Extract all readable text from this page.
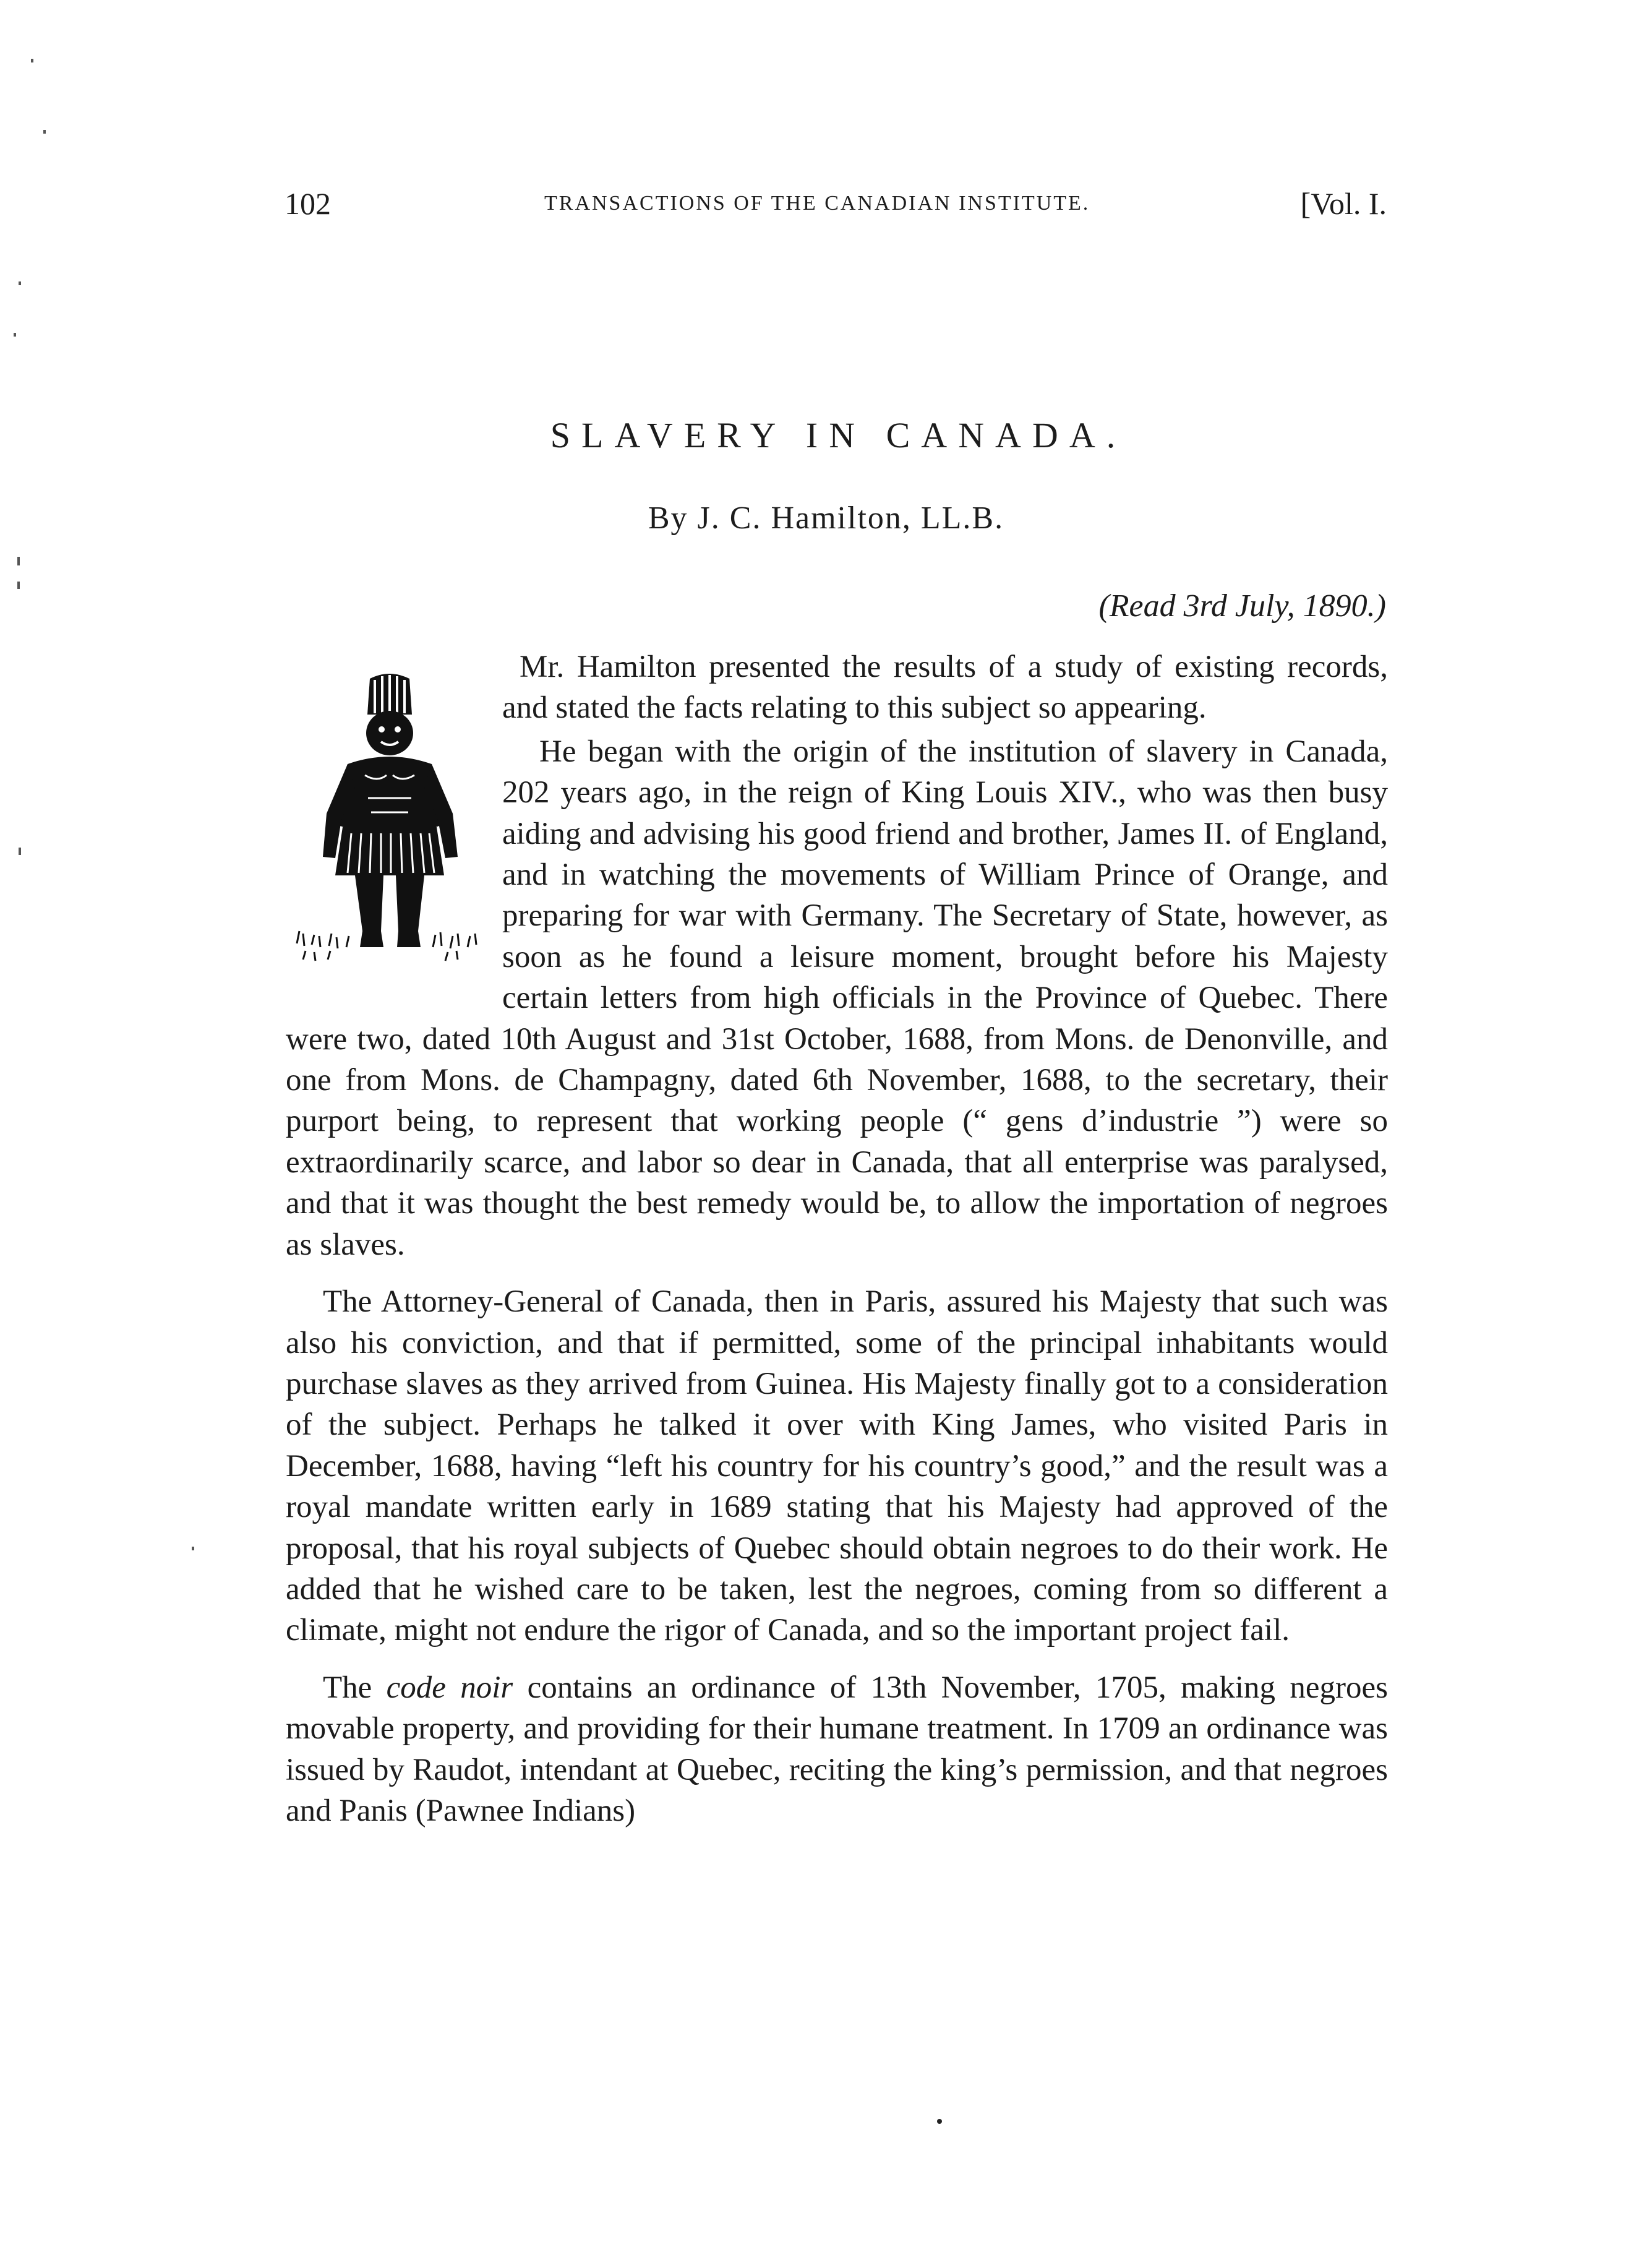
102	TRANSACTIONS OF THE CANADIAN INSTITUTE.	[Vol. I.
SLAVERY IN CANADA.
By J. C. Hamilton, LL.B.
(Read 3rd July, 1890.)

Mr. Hamilton presented the results of a study of existing records, and stated the facts relating to this subject so appearing.

He began with the origin of the institution of slavery in Canada, 202 years ago, in the reign of King Louis XIV., who was then busy aiding and advising his good friend and brother, James II. of England, and in watching the movements of William Prince of Orange, and preparing for war with Germany. The Secretary of State, however, as soon as he found a leisure moment, brought before his Majesty certain letters from high officials in the Province of Quebec. There were two, dated 10th August and 31st October, 1688, from Mons. de Denonville, and one from Mons. de Champagny, dated 6th November, 1688, to the secretary, their purport being, to represent that working people (“ gens d’industrie ”) were so extraordinarily scarce, and labor so dear in Canada, that all enterprise was paralysed, and that it was thought the best remedy would be, to allow the importation of negroes as slaves.

The Attorney-General of Canada, then in Paris, assured his Majesty that such was also his conviction, and that if permitted, some of the principal inhabitants would purchase slaves as they arrived from Guinea. His Majesty finally got to a consideration of the subject. Perhaps he talked it over with King James, who visited Paris in December, 1688, having “left his country for his country’s good,” and the result was a royal mandate written early in 1689 stating that his Majesty had approved of the proposal, that his royal subjects of Quebec should obtain negroes to do their work. He added that he wished care to be taken, lest the negroes, coming from so different a climate, might not endure the rigor of Canada, and so the important project fail.

The code noir contains an ordinance of 13th November, 1705, making negroes movable property, and providing for their humane treatment. In 1709 an ordinance was issued by Raudot, intendant at Quebec, reciting the king’s permission, and that negroes and Panis (Pawnee Indians)
